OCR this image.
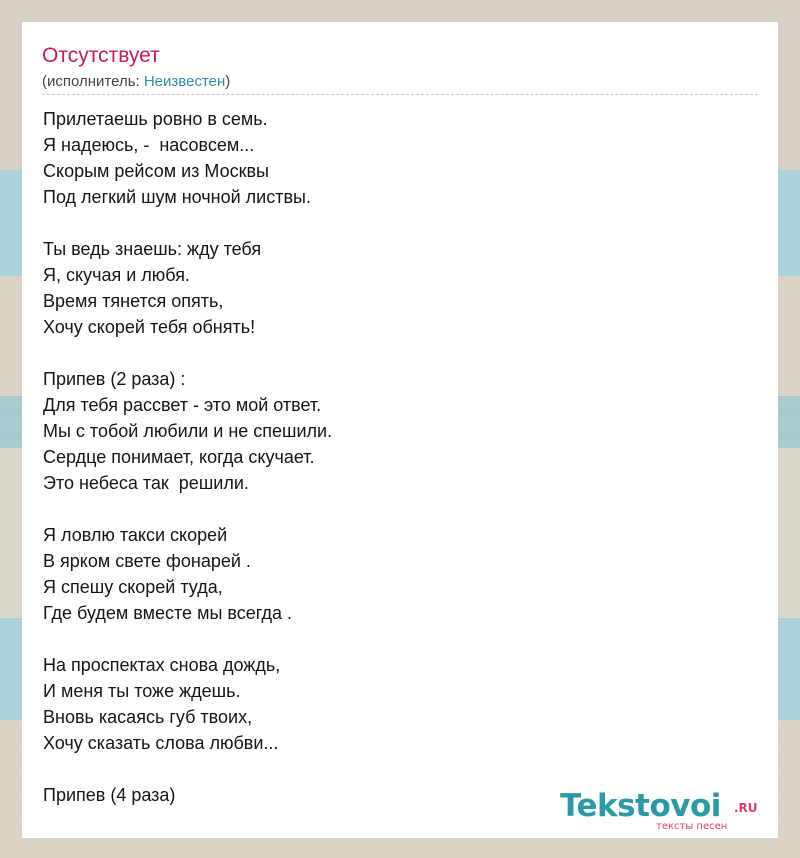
Отсутствует
(исполнитель: Неизвестен)
Прилетаешь ровно в семь.
Я надеюсь, -  насовсем...
Скорым рейсом из Москвы
Под легкий шум ночной листвы.

Ты ведь знаешь: жду тебя
Я, скучая и любя.
Время тянется опять,
Хочу скорей тебя обнять!

Припев (2 раза) :
Для тебя рассвет - это мой ответ.
Мы с тобой любили и не спешили.
Сердце понимает, когда скучает.
Это небеса так  решили.

Я ловлю такси скорей
В ярком свете фонарей .
Я спешу скорей туда,
Где будем вместе мы всегда .

На проспектах снова дождь,
И меня ты тоже ждешь.
Вновь касаясь губ твоих,
Хочу сказать слова любви...

Припев (4 раза)	Tekstovoi .RU
тексты песен
